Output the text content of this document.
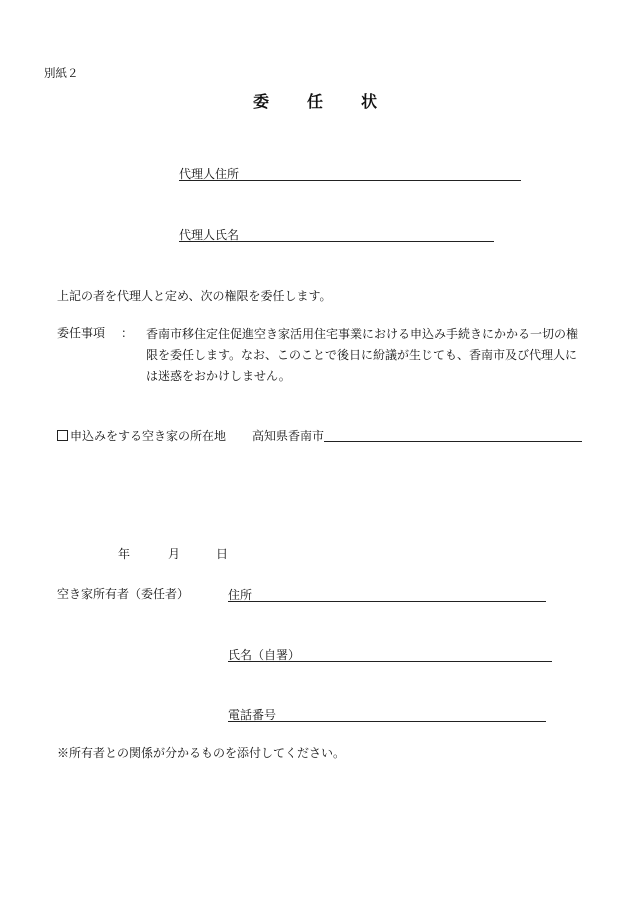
別紙２
委 任 状
代理人住所
代理人氏名
上記の者を代理人と定め、次の権限を委任します。
委任事項 ： 香南市移住定住促進空き家活用住宅事業における申込み手続きにかかる一切の権

限を委任します。なお、このことで後日に紛議が生じても、香南市及び代理人に

は迷惑をおかけしません。

申込みをする空き家の所在地 高知県香南市
年	月	日
空き家所有者（委任者）	住所
氏名（自署）
電話番号
※所有者との関係が分かるものを添付してください。
